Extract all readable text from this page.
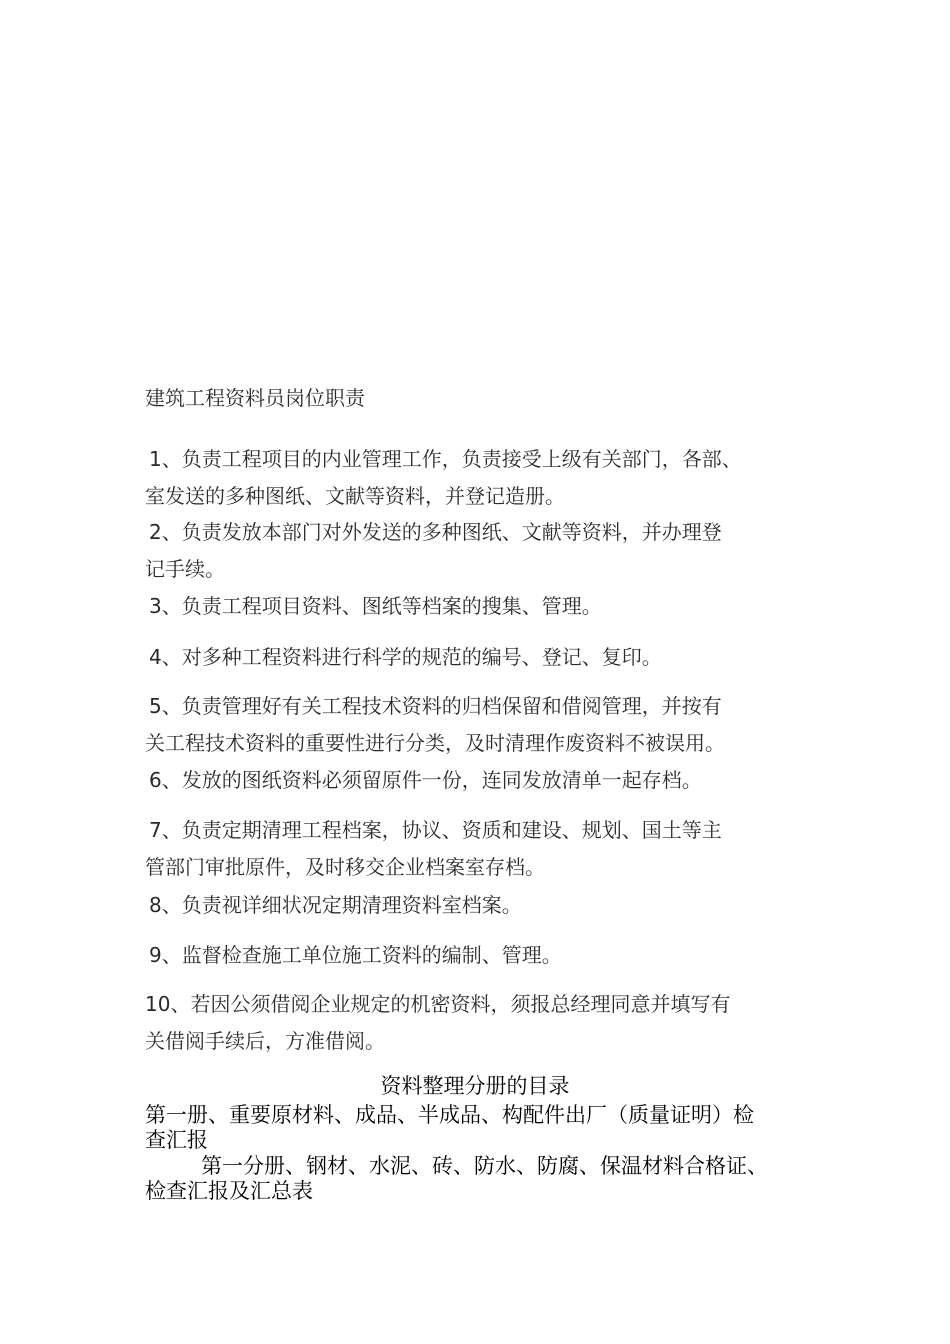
建筑工程资料员岗位职责

1、负责工程项目的内业管理工作，负责接受上级有关部门，各部、
室发送的多种图纸、文献等资料，并登记造册。

2、负责发放本部门对外发送的多种图纸、文献等资料，并办理登
记手续。

3、负责工程项目资料、图纸等档案的搜集、管理。

4、对多种工程资料进行科学的规范的编号、登记、复印。

5、负责管理好有关工程技术资料的归档保留和借阅管理，并按有
关工程技术资料的重要性进行分类，及时清理作废资料不被误用。

6、发放的图纸资料必须留原件一份，连同发放清单一起存档。

7、负责定期清理工程档案，协议、资质和建设、规划、国土等主
管部门审批原件，及时移交企业档案室存档。

8、负责视详细状况定期清理资料室档案。

9、监督检查施工单位施工资料的编制、管理。

10、若因公须借阅企业规定的机密资料，须报总经理同意并填写有
关借阅手续后，方准借阅。

资料整理分册的目录
第一册、重要原材料、成品、半成品、构配件出厂（质量证明）检
查汇报
第一分册、钢材、水泥、砖、防水、防腐、保温材料合格证、
检查汇报及汇总表
